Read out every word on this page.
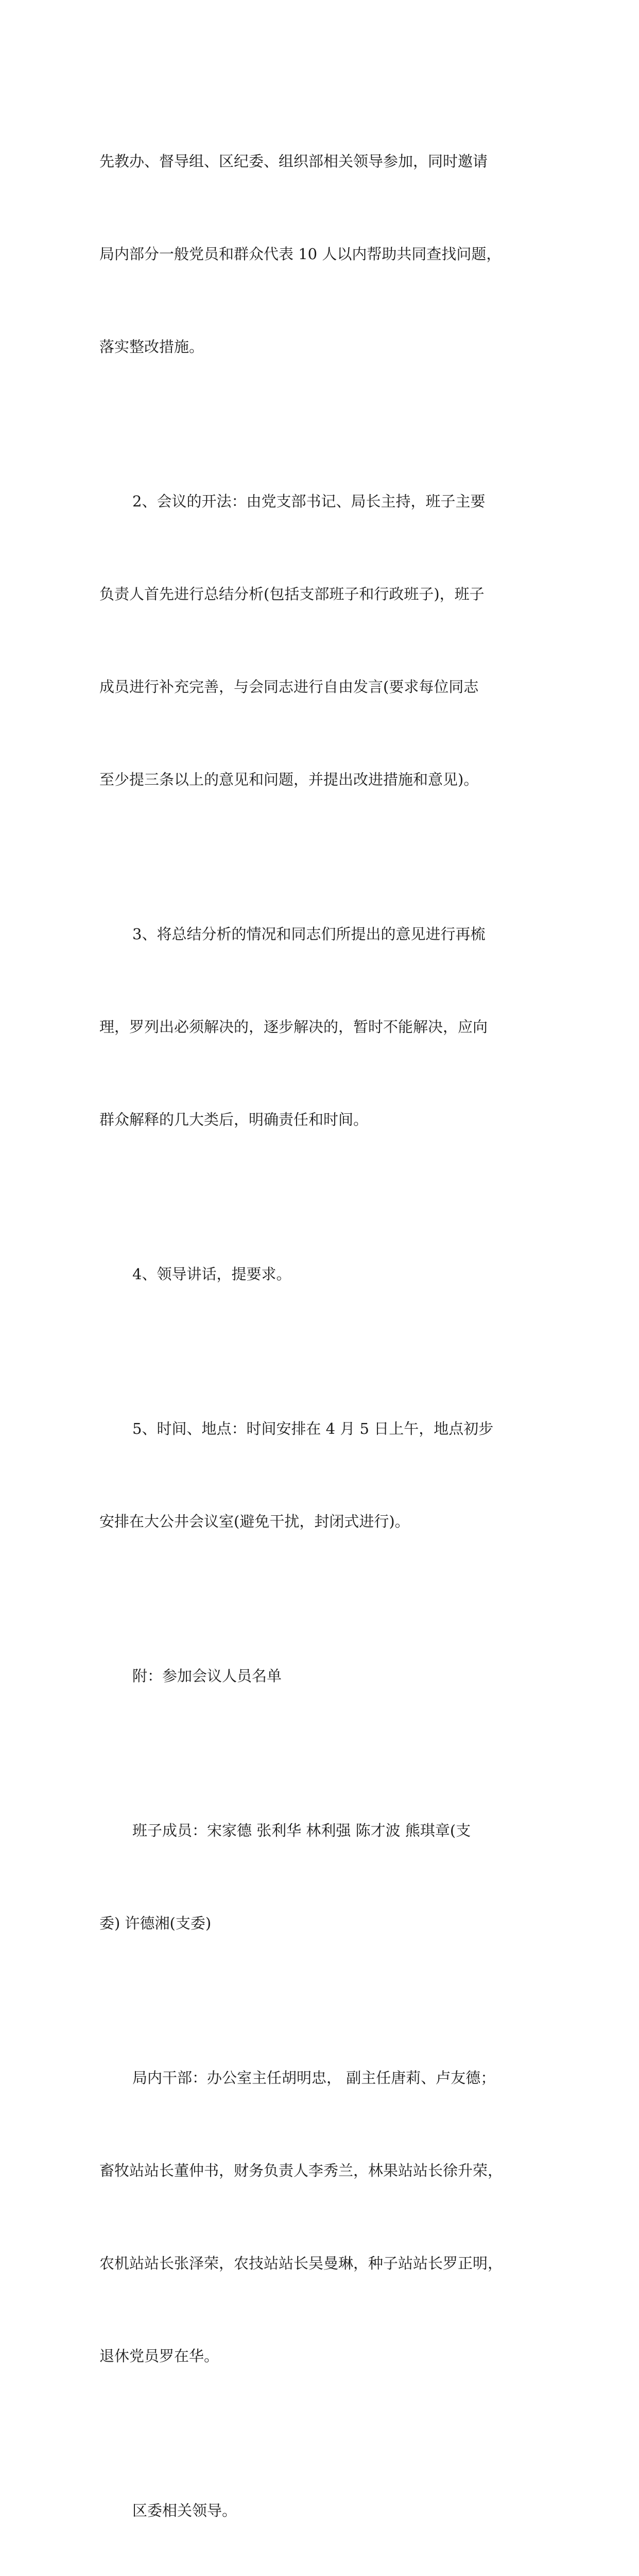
先教办、督导组、区纪委、组织部相关领导参加，同时邀请

局内部分一般党员和群众代表 10 人以内帮助共同查找问题，

落实整改措施。

2、会议的开法：由党支部书记、局长主持，班子主要

负责人首先进行总结分析(包括支部班子和行政班子)，班子

成员进行补充完善，与会同志进行自由发言(要求每位同志

至少提三条以上的意见和问题，并提出改进措施和意见)。

3、将总结分析的情况和同志们所提出的意见进行再梳

理，罗列出必须解决的，逐步解决的，暂时不能解决，应向

群众解释的几大类后，明确责任和时间。

4、领导讲话，提要求。

5、时间、地点：时间安排在 4 月 5 日上午，地点初步

安排在大公井会议室(避免干扰，封闭式进行)。

附：参加会议人员名单

班子成员：宋家德 张利华 林利强 陈才波 熊琪章(支

委) 许德湘(支委)

局内干部：办公室主任胡明忠， 副主任唐莉、卢友德；

畜牧站站长董仲书，财务负责人李秀兰，林果站站长徐升荣，

农机站站长张泽荣，农技站站长吴曼琳，种子站站长罗正明，

退休党员罗在华。

区委相关领导。
